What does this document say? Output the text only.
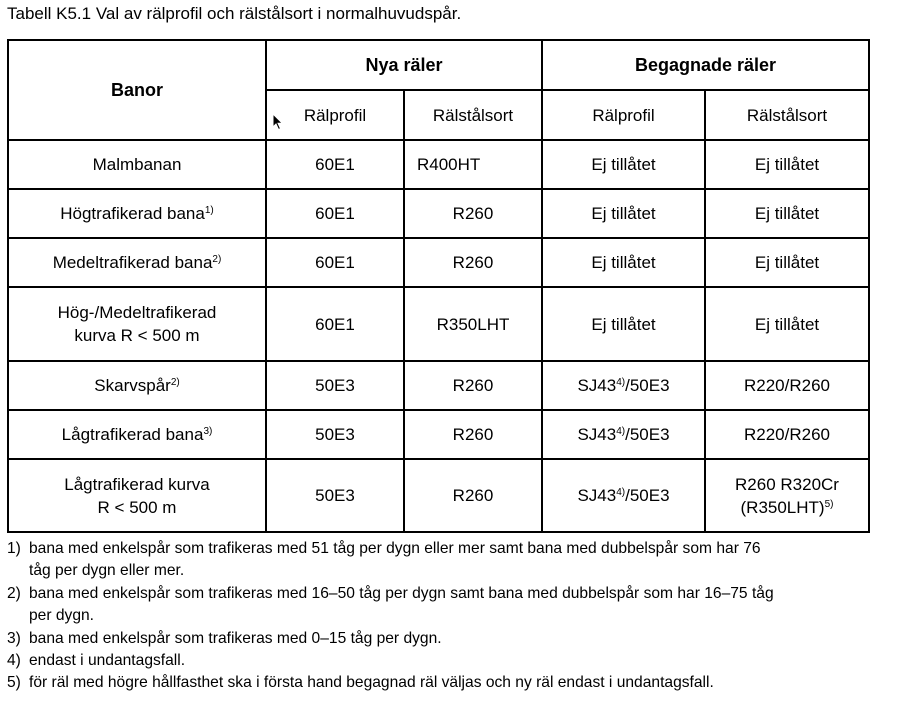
Tabell K5.1 Val av rälprofil och rälstålsort i normalhuvudspår.
Banor	Nya räler		Begagnade räler	
	Rälprofil	Rälstålsort	Rälprofil	Rälstålsort
Malmbanan	60E1	R400HT	Ej tillåtet	Ej tillåtet
Högtrafikerad bana$^{1)}$	60E1	R260	Ej tillåtet	Ej tillåtet
Medeltrafikerad bana$^{2)}$	60E1	R260	Ej tillåtet	Ej tillåtet
Hög-/Medeltrafikerad
kurva R < 500 m	60E1	R350LHT	Ej tillåtet	Ej tillåtet
Skarvspår$^{2)}$	50E3	R260	SJ43$^{4)}$/50E3	R220/R260
Lågtrafikerad bana$^{3)}$	50E3	R260	SJ43$^{4)}$/50E3	R220/R260
Lågtrafikerad kurva
R < 500 m	50E3	R260	SJ43$^{4)}$/50E3	R260 R320Cr
$(R350LHT)^{5)}$
1) bana med enkelspår som trafikeras med 51 tåg per dygn eller mer samt bana med dubbelspår som har 76
tåg per dygn eller mer.
2) bana med enkelspår som trafikeras med 16–50 tåg per dygn samt bana med dubbelspår som har 16–75 tåg
per dygn.
3) bana med enkelspår som trafikeras med 0–15 tåg per dygn.
4) endast i undantagsfall.
5) för räl med högre hållfasthet ska i första hand begagnad räl väljas och ny räl endast i undantagsfall.
